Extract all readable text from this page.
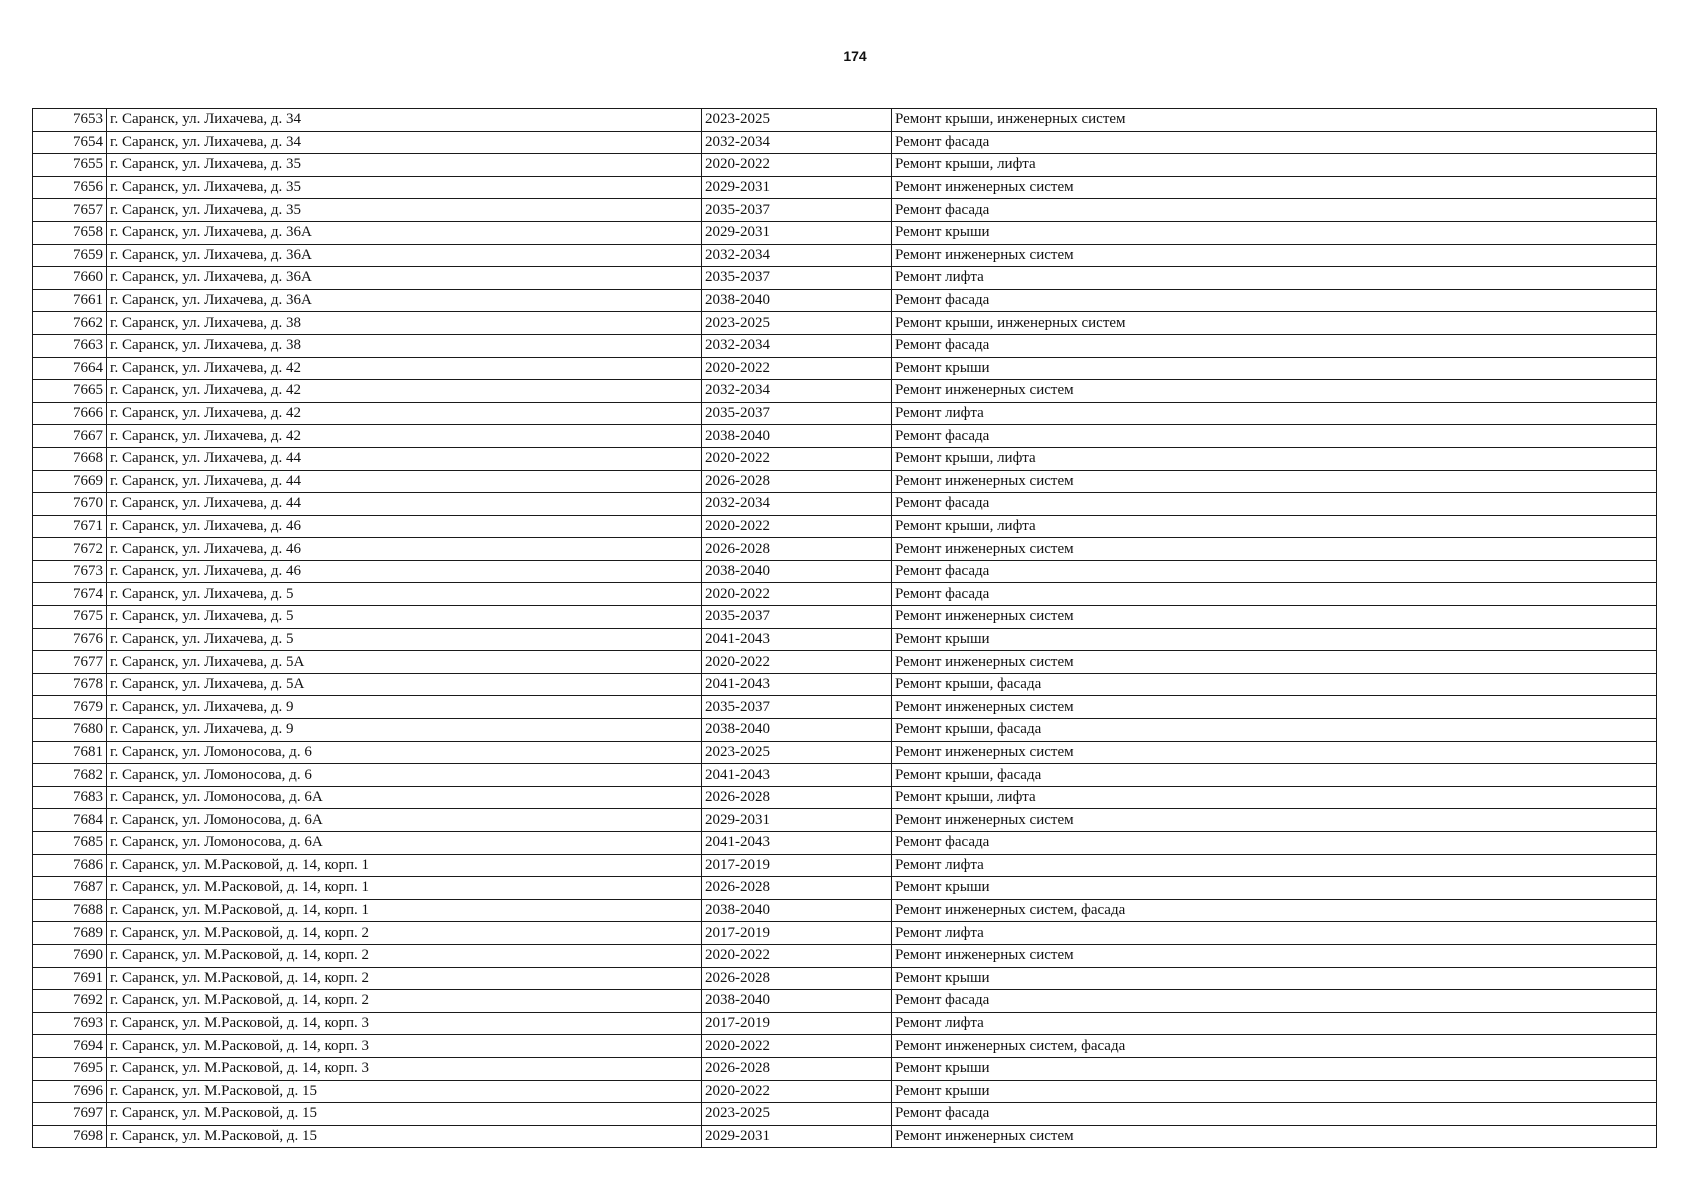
174
7653	г. Саранск, ул. Лихачева, д. 34	2023-2025	Ремонт крыши, инженерных систем
7654	г. Саранск, ул. Лихачева, д. 34	2032-2034	Ремонт фасада
7655	г. Саранск, ул. Лихачева, д. 35	2020-2022	Ремонт крыши, лифта
7656	г. Саранск, ул. Лихачева, д. 35	2029-2031	Ремонт инженерных систем
7657	г. Саранск, ул. Лихачева, д. 35	2035-2037	Ремонт фасада
7658	г. Саранск, ул. Лихачева, д. 36А	2029-2031	Ремонт крыши
7659	г. Саранск, ул. Лихачева, д. 36А	2032-2034	Ремонт инженерных систем
7660	г. Саранск, ул. Лихачева, д. 36А	2035-2037	Ремонт лифта
7661	г. Саранск, ул. Лихачева, д. 36А	2038-2040	Ремонт фасада
7662	г. Саранск, ул. Лихачева, д. 38	2023-2025	Ремонт крыши, инженерных систем
7663	г. Саранск, ул. Лихачева, д. 38	2032-2034	Ремонт фасада
7664	г. Саранск, ул. Лихачева, д. 42	2020-2022	Ремонт крыши
7665	г. Саранск, ул. Лихачева, д. 42	2032-2034	Ремонт инженерных систем
7666	г. Саранск, ул. Лихачева, д. 42	2035-2037	Ремонт лифта
7667	г. Саранск, ул. Лихачева, д. 42	2038-2040	Ремонт фасада
7668	г. Саранск, ул. Лихачева, д. 44	2020-2022	Ремонт крыши, лифта
7669	г. Саранск, ул. Лихачева, д. 44	2026-2028	Ремонт инженерных систем
7670	г. Саранск, ул. Лихачева, д. 44	2032-2034	Ремонт фасада
7671	г. Саранск, ул. Лихачева, д. 46	2020-2022	Ремонт крыши, лифта
7672	г. Саранск, ул. Лихачева, д. 46	2026-2028	Ремонт инженерных систем
7673	г. Саранск, ул. Лихачева, д. 46	2038-2040	Ремонт фасада
7674	г. Саранск, ул. Лихачева, д. 5	2020-2022	Ремонт фасада
7675	г. Саранск, ул. Лихачева, д. 5	2035-2037	Ремонт инженерных систем
7676	г. Саранск, ул. Лихачева, д. 5	2041-2043	Ремонт крыши
7677	г. Саранск, ул. Лихачева, д. 5А	2020-2022	Ремонт инженерных систем
7678	г. Саранск, ул. Лихачева, д. 5А	2041-2043	Ремонт крыши, фасада
7679	г. Саранск, ул. Лихачева, д. 9	2035-2037	Ремонт инженерных систем
7680	г. Саранск, ул. Лихачева, д. 9	2038-2040	Ремонт крыши, фасада
7681	г. Саранск, ул. Ломоносова, д. 6	2023-2025	Ремонт инженерных систем
7682	г. Саранск, ул. Ломоносова, д. 6	2041-2043	Ремонт крыши, фасада
7683	г. Саранск, ул. Ломоносова, д. 6А	2026-2028	Ремонт крыши, лифта
7684	г. Саранск, ул. Ломоносова, д. 6А	2029-2031	Ремонт инженерных систем
7685	г. Саранск, ул. Ломоносова, д. 6А	2041-2043	Ремонт фасада
7686	г. Саранск, ул. М.Расковой, д. 14, корп. 1	2017-2019	Ремонт лифта
7687	г. Саранск, ул. М.Расковой, д. 14, корп. 1	2026-2028	Ремонт крыши
7688	г. Саранск, ул. М.Расковой, д. 14, корп. 1	2038-2040	Ремонт инженерных систем, фасада
7689	г. Саранск, ул. М.Расковой, д. 14, корп. 2	2017-2019	Ремонт лифта
7690	г. Саранск, ул. М.Расковой, д. 14, корп. 2	2020-2022	Ремонт инженерных систем
7691	г. Саранск, ул. М.Расковой, д. 14, корп. 2	2026-2028	Ремонт крыши
7692	г. Саранск, ул. М.Расковой, д. 14, корп. 2	2038-2040	Ремонт фасада
7693	г. Саранск, ул. М.Расковой, д. 14, корп. 3	2017-2019	Ремонт лифта
7694	г. Саранск, ул. М.Расковой, д. 14, корп. 3	2020-2022	Ремонт инженерных систем, фасада
7695	г. Саранск, ул. М.Расковой, д. 14, корп. 3	2026-2028	Ремонт крыши
7696	г. Саранск, ул. М.Расковой, д. 15	2020-2022	Ремонт крыши
7697	г. Саранск, ул. М.Расковой, д. 15	2023-2025	Ремонт фасада
7698	г. Саранск, ул. М.Расковой, д. 15	2029-2031	Ремонт инженерных систем
